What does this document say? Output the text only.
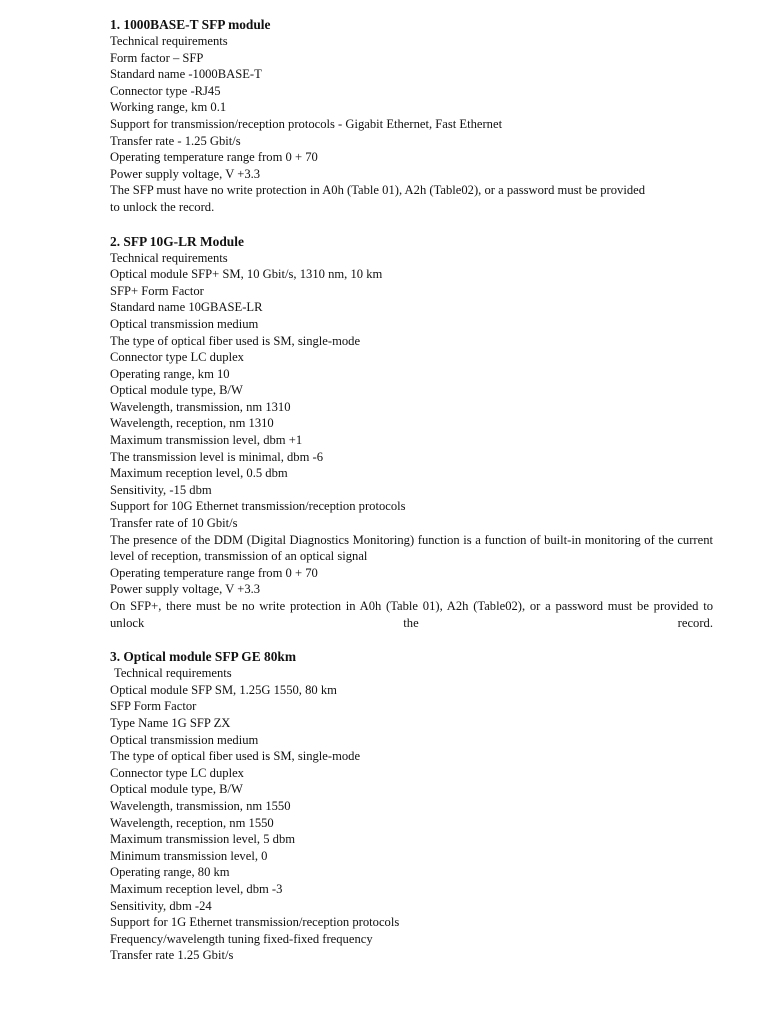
1. 1000BASE-T SFP module

Technical requirements

Form factor – SFP

Standard name -1000BASE-T

Connector type -RJ45

Working range, km 0.1

Support for transmission/reception protocols - Gigabit Ethernet, Fast Ethernet

Transfer rate - 1.25 Gbit/s

Operating temperature range from 0 + 70

Power supply voltage, V +3.3

The SFP must have no write protection in A0h (Table 01), A2h (Table02), or a password must be provided

to unlock the record.

2. SFP 10G-LR Module

Technical requirements

Optical module SFP+ SM, 10 Gbit/s, 1310 nm, 10 km

SFP+ Form Factor

Standard name 10GBASE-LR

Optical transmission medium

The type of optical fiber used is SM, single-mode

Connector type LC duplex

Operating range, km 10

Optical module type, B/W

Wavelength, transmission, nm 1310

Wavelength, reception, nm 1310

Maximum transmission level, dbm +1

The transmission level is minimal, dbm -6

Maximum reception level, 0.5 dbm

Sensitivity, -15 dbm

Support for 10G Ethernet transmission/reception protocols

Transfer rate of 10 Gbit/s

The presence of the DDM (Digital Diagnostics Monitoring) function is a function of built-in monitoring of the current level of reception, transmission of an optical signal

Operating temperature range from 0 + 70

Power supply voltage, V +3.3

On SFP+, there must be no write protection in A0h (Table 01), A2h (Table02), or a password must be provided to unlock the record.

3. Optical module SFP GE 80km

Technical requirements

Optical module SFP SM, 1.25G 1550, 80 km

SFP Form Factor

Type Name 1G SFP ZX

Optical transmission medium

The type of optical fiber used is SM, single-mode

Connector type LC duplex

Optical module type, B/W

Wavelength, transmission, nm 1550

Wavelength, reception, nm 1550

Maximum transmission level, 5 dbm

Minimum transmission level, 0

Operating range, 80 km

Maximum reception level, dbm -3

Sensitivity, dbm -24

Support for 1G Ethernet transmission/reception protocols

Frequency/wavelength tuning fixed-fixed frequency

Transfer rate 1.25 Gbit/s
